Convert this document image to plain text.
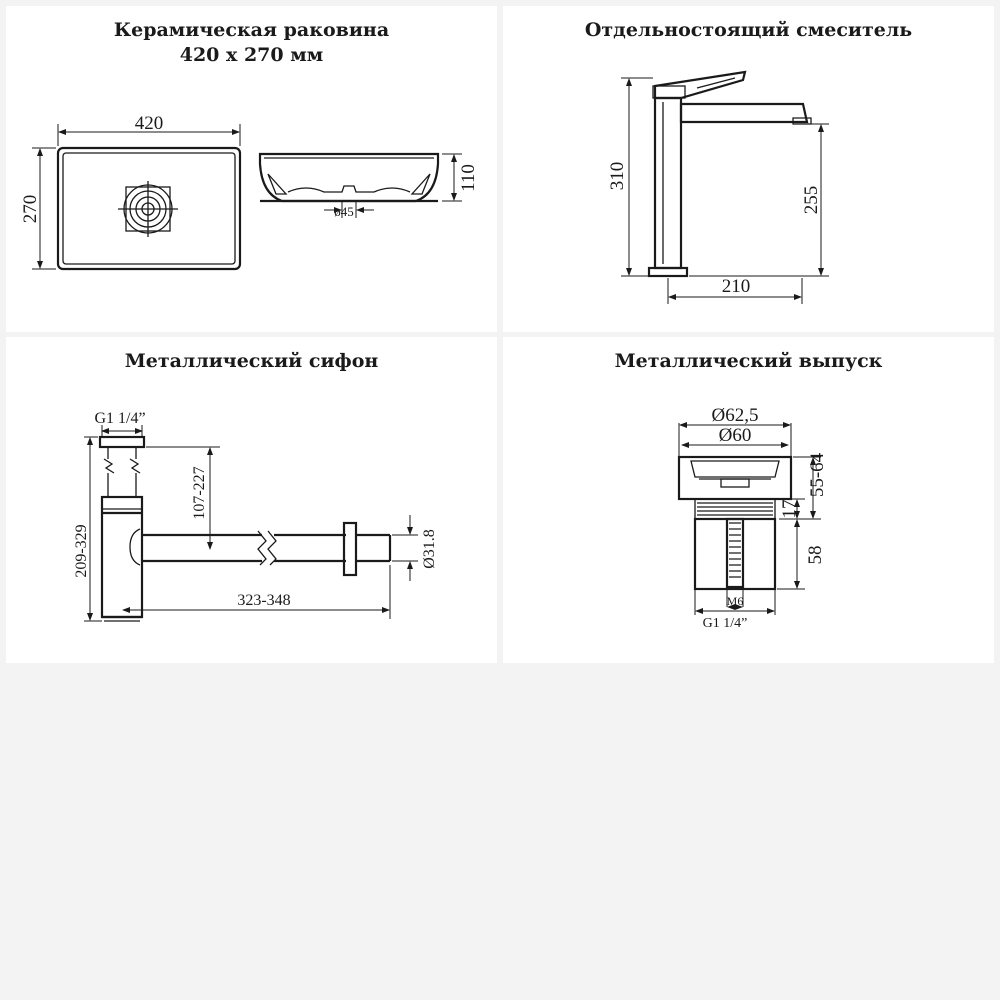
Керамическая раковина
420 х 270 мм
420
270
110
ø45
Отдельностоящий смеситель
310
255
210
Металлический сифон
G1 1/4”
107-227
209-329
323-348
Ø31.8
Металлический выпуск
Ø62,5
Ø60
55-64
17
58
M6
G1 1/4”
